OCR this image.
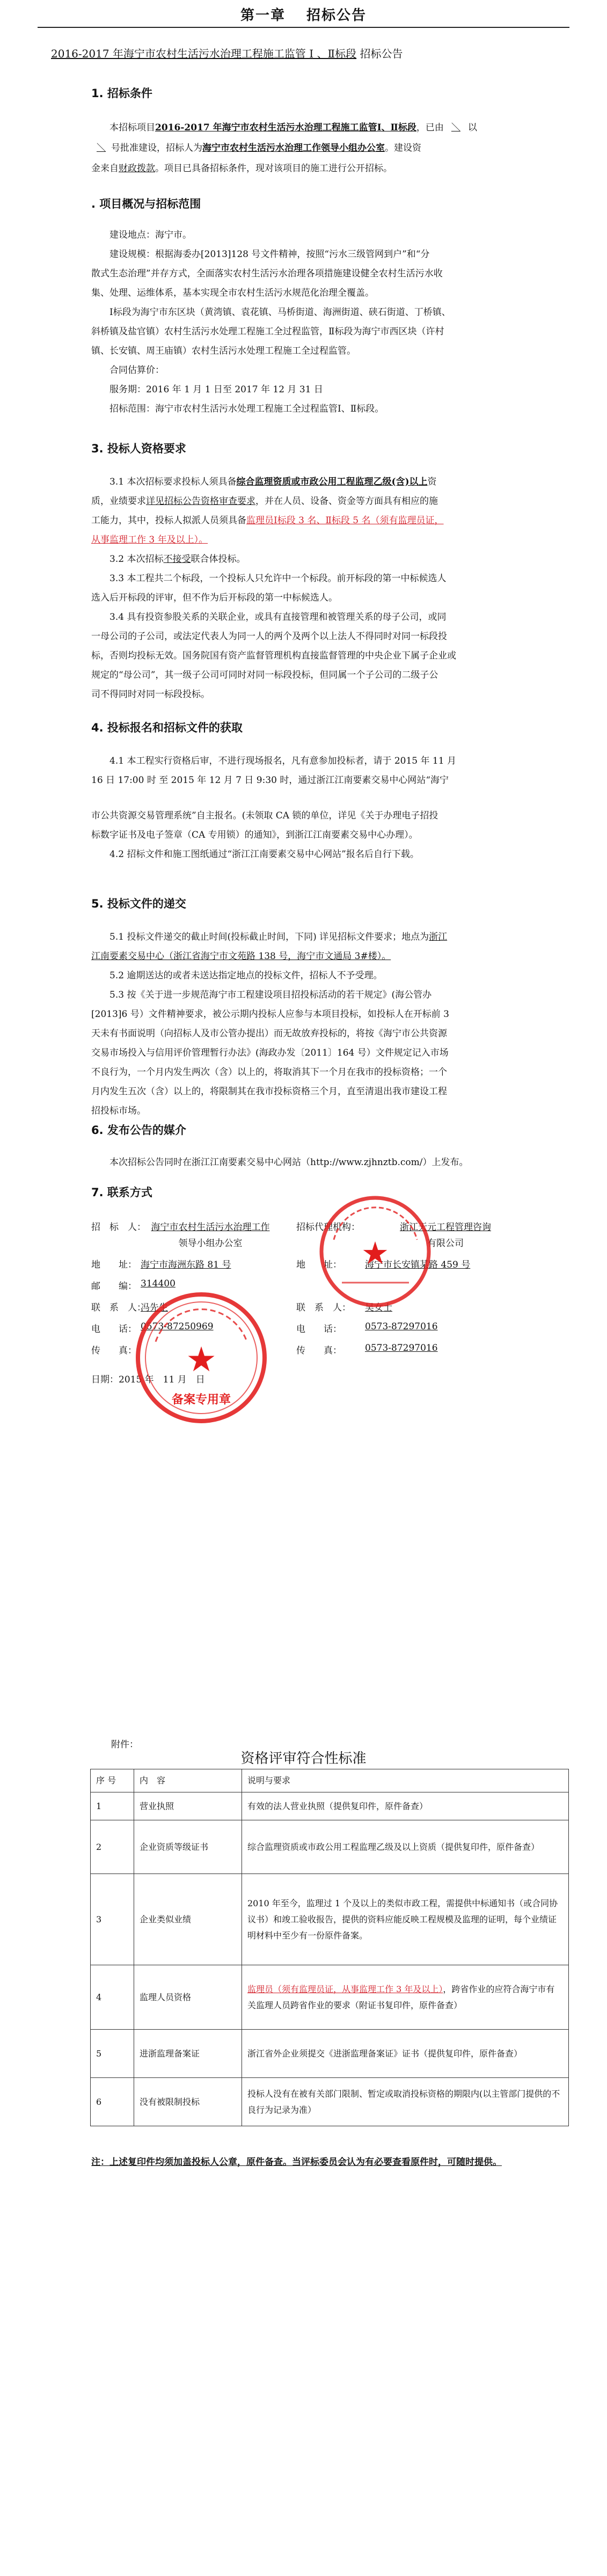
第一章　 招标公告
2016-2017 年海宁市农村生活污水治理工程施工监管 Ⅰ 、Ⅱ标段 招标公告
1. 招标条件
本招标项目2016-2017 年海宁市农村生活污水治理工程施工监管Ⅰ、Ⅱ标段，已由 ＼ 以
＼ 号批准建设，招标人为海宁市农村生活污水治理工作领导小组办公室。建设资
金来自财政拨款。项目已具备招标条件，现对该项目的施工进行公开招标。
. 项目概况与招标范围
建设地点：海宁市。
建设规模：根据海委办[2013]128 号文件精神，按照“污水三级管网到户”和“分
散式生态治理”并存方式，全面落实农村生活污水治理各项措施建设健全农村生活污水收
集、处理、运维体系，基本实现全市农村生活污水规范化治理全覆盖。
Ⅰ标段为海宁市东区块（黄湾镇、袁花镇、马桥街道、海洲街道、硖石街道、丁桥镇、
斜桥镇及盐官镇）农村生活污水处理工程施工全过程监管，Ⅱ标段为海宁市西区块（许村
镇、长安镇、周王庙镇）农村生活污水处理工程施工全过程监管。
合同估算价：
服务期：2016 年 1 月 1 日至 2017 年 12 月 31 日
招标范围：海宁市农村生活污水处理工程施工全过程监管Ⅰ、Ⅱ标段。
3. 投标人资格要求
3.1 本次招标要求投标人须具备综合监理资质或市政公用工程监理乙级(含)以上资
质，业绩要求详见招标公告资格审查要求，并在人员、设备、资金等方面具有相应的施
工能力，其中，投标人拟派人员须具备监理员Ⅰ标段 3 名、Ⅱ标段 5 名（须有监理员证，
从事监理工作 3 年及以上）。
3.2 本次招标不接受联合体投标。
3.3 本工程共二个标段，一个投标人只允许中一个标段。前开标段的第一中标候选人
选入后开标段的评审，但不作为后开标段的第一中标候选人。
3.4 具有投资参股关系的关联企业，或具有直接管理和被管理关系的母子公司，或同
一母公司的子公司，或法定代表人为同一人的两个及两个以上法人不得同时对同一标段投
标，否则均投标无效。国务院国有资产监督管理机构直接监督管理的中央企业下属子企业或
规定的“母公司”，其一级子公司可同时对同一标段投标，但同属一个子公司的二级子公
司不得同时对同一标段投标。
4. 投标报名和招标文件的获取
4.1 本工程实行资格后审，不进行现场报名，凡有意参加投标者，请于 2015 年 11 月
16 日 17:00 时 至 2015 年 12 月 7 日 9:30 时，通过浙江江南要素交易中心网站“海宁
市公共资源交易管理系统”自主报名。(未领取 CA 锁的单位，详见《关于办理电子招投
标数字证书及电子签章（CA 专用锁）的通知》，到浙江江南要素交易中心办理）。
4.2 招标文件和施工图纸通过“浙江江南要素交易中心网站”报名后自行下载。
5. 投标文件的递交
5.1 投标文件递交的截止时间(投标截止时间，下同) 详见招标文件要求；地点为浙江
江南要素交易中心（浙江省海宁市文苑路 138 号，海宁市文通局 3#楼）。
5.2 逾期送达的或者未送达指定地点的投标文件，招标人不予受理。
5.3 按《关于进一步规范海宁市工程建设项目招投标活动的若干规定》(海公管办
[2013]6 号）文件精神要求，被公示期内投标人应参与本项目投标，如投标人在开标前 3
天未有书面说明（向招标人及市公管办提出）而无故放弃投标的，将按《海宁市公共资源
交易市场投入与信用评价管理暂行办法》(海政办发〔2011〕164 号）文件规定记入市场
不良行为，一个月内发生两次（含）以上的，将取消其下一个月在我市的投标资格；一个
月内发生五次（含）以上的，将限制其在我市投标资格三个月，直至清退出我市建设工程
招投标市场。
6. 发布公告的媒介
本次招标公告同时在浙江江南要素交易中心网站（http://www.zjhnztb.com/）上发布。
7. 联系方式
招　标　人： 海宁市农村生活污水治理工作
领导小组办公室
地　　址： 海宁市海洲东路 81 号
邮　　编： 314400
联　系　人：
冯先生
电　　话： 0573-87250969
传　　真：
招标代理机构：	浙江天元工程管理咨询
有限公司
地　　址：	海宁市长安镇某路 459 号
联　系　人： 吴女士
电　　话：	0573-87297016
传　　真：	0573-87297016
日期：2015 年　11 月　日
★
备案专用章
★
附件：
资格评审符合性标准
序 号	内　容	说明与要求
1	营业执照	有效的法人营业执照（提供复印件，原件备查）
2	企业资质等级证书	综合监理资质或市政公用工程监理乙级及以上资质（提供复印件，原件备查）
3	企业类似业绩	2010 年至今，监理过 1 个及以上的类似市政工程，需提供中标通知书（或合同协议书）和竣工验收报告，提供的资料应能反映工程规模及监理的证明，每个业绩证明材料中至少有一份原件备案。
4	监理人员资格	监理员（须有监理员证，从事监理工作 3 年及以上），跨省作业的应符合海宁市有关监理人员跨省作业的要求（附证书复印件，原件备查）
5	进浙监理备案证	浙江省外企业须提交《进浙监理备案证》证书（提供复印件，原件备查）
6	没有被限制投标	投标人没有在被有关部门限制、暂定或取消投标资格的期限内(以主管部门提供的不良行为记录为准）
注：上述复印件均须加盖投标人公章，原件备查。当评标委员会认为有必要查看原件时，可随时提供。
